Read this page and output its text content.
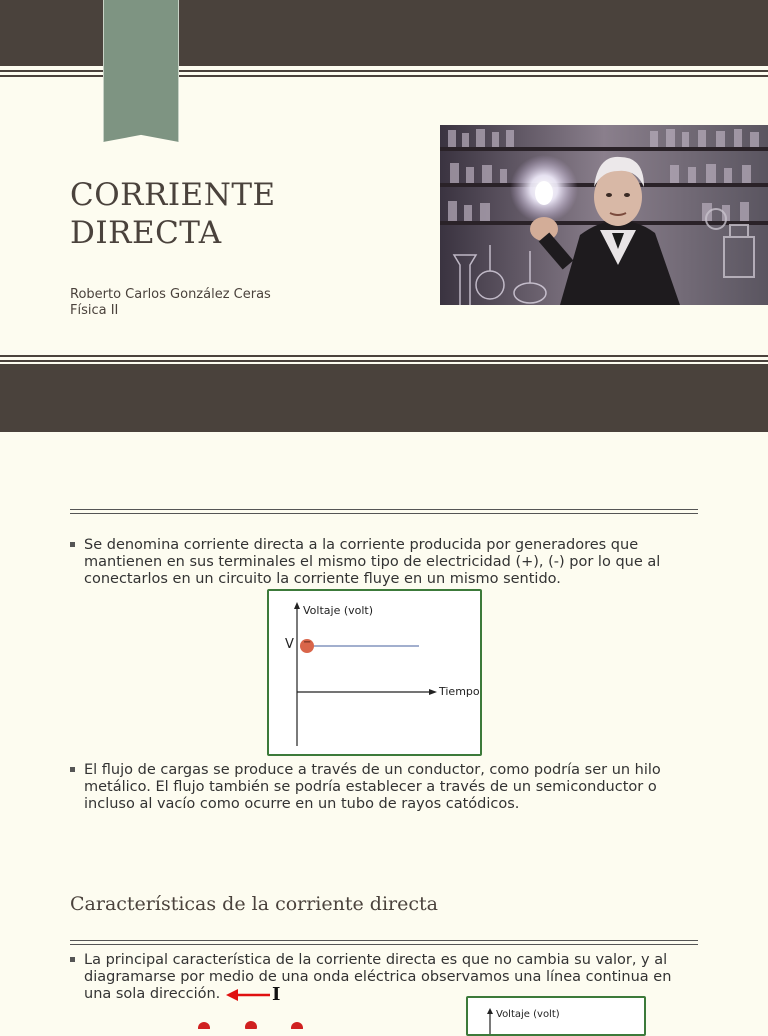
CORRIENTE
DIRECTA
Roberto Carlos González Ceras
Física II
Se denomina corriente directa a la corriente producida por generadores que mantienen en sus terminales el mismo tipo de electricidad (+), (-) por lo que al conectarlos en un circuito la corriente fluye en un mismo sentido.
Voltaje (volt)
Tiempo
V −
El flujo de cargas se produce a través de un conductor, como podría ser un hilo metálico. El flujo también se podría establecer a través de un semiconductor o incluso al vacío como ocurre en un tubo de rayos catódicos.
Características de la corriente directa
La principal característica de la corriente directa es que no cambia su valor, y al diagramarse por medio de una onda eléctrica observamos una línea continua en una sola dirección.	I
Voltaje (volt)
